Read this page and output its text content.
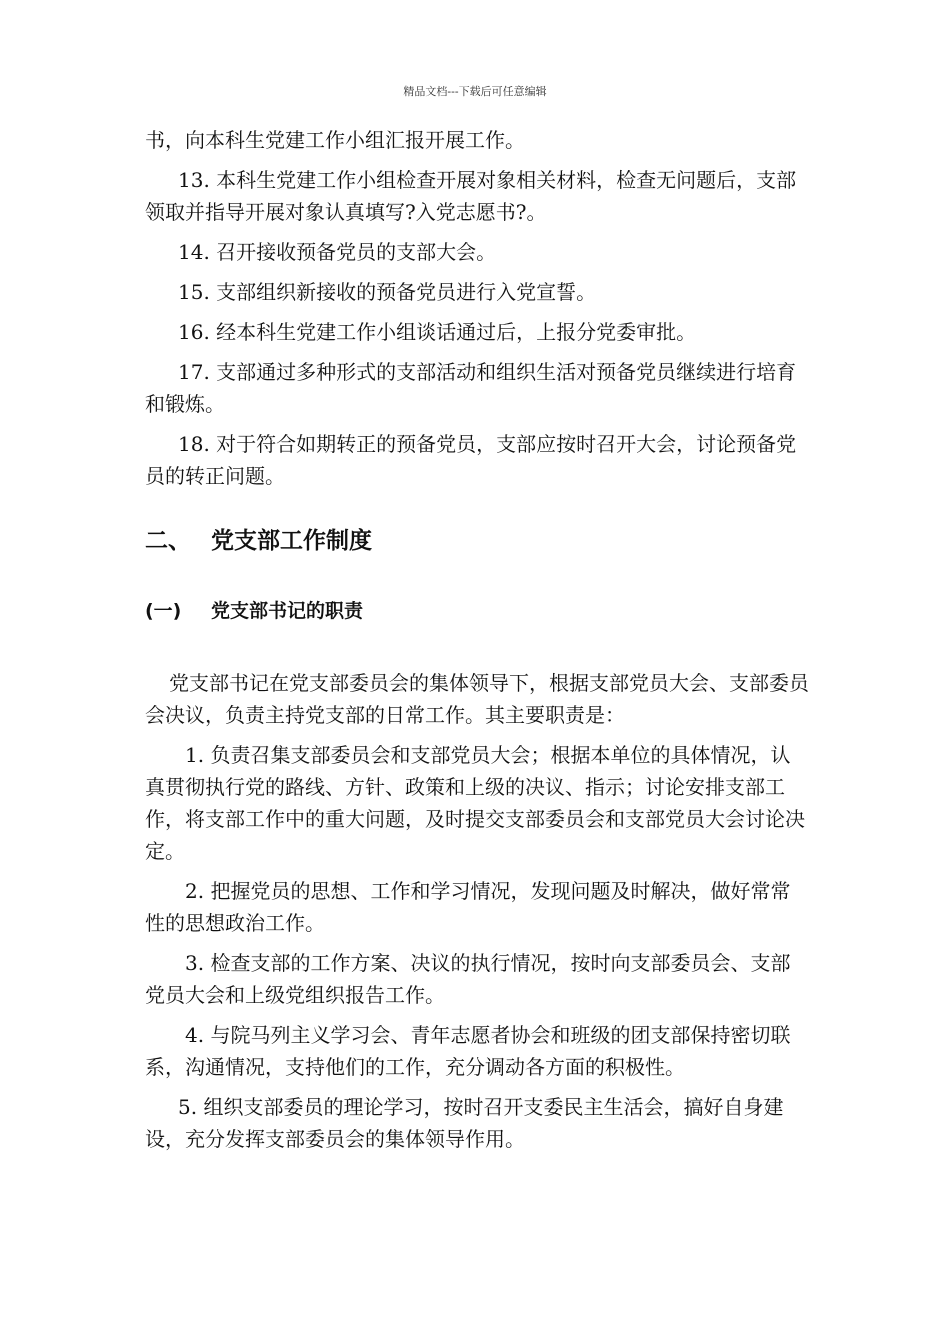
精品文档---下载后可任意编辑

书，向本科生党建工作小组汇报开展工作。

13. 本科生党建工作小组检查开展对象相关材料，检查无问题后，支部领取并指导开展对象认真填写?入党志愿书?。

14. 召开接收预备党员的支部大会。

15. 支部组织新接收的预备党员进行入党宣誓。

16. 经本科生党建工作小组谈话通过后，上报分党委审批。

17. 支部通过多种形式的支部活动和组织生活对预备党员继续进行培育和锻炼。

18. 对于符合如期转正的预备党员，支部应按时召开大会，讨论预备党员的转正问题。

二、 党支部工作制度
(一) 党支部书记的职责

党支部书记在党支部委员会的集体领导下，根据支部党员大会、支部委员会决议，负责主持党支部的日常工作。其主要职责是：

1. 负责召集支部委员会和支部党员大会；根据本单位的具体情况，认真贯彻执行党的路线、方针、政策和上级的决议、指示；讨论安排支部工作，将支部工作中的重大问题，及时提交支部委员会和支部党员大会讨论决定。

2. 把握党员的思想、工作和学习情况，发现问题及时解决，做好常常性的思想政治工作。

3. 检查支部的工作方案、决议的执行情况，按时向支部委员会、支部党员大会和上级党组织报告工作。

4. 与院马列主义学习会、青年志愿者协会和班级的团支部保持密切联系，沟通情况，支持他们的工作，充分调动各方面的积极性。

5. 组织支部委员的理论学习，按时召开支委民主生活会，搞好自身建设，充分发挥支部委员会的集体领导作用。
